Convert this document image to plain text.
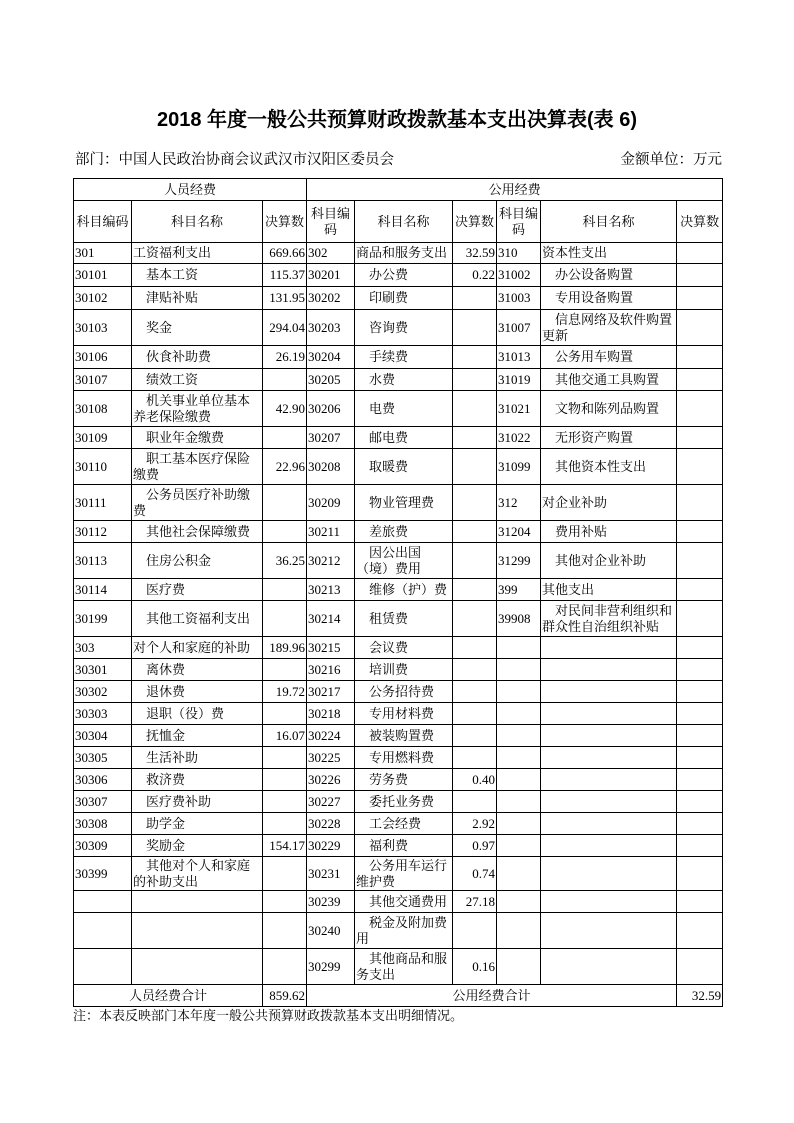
2018 年度一般公共预算财政拨款基本支出决算表(表 6)
部门：中国人民政治协商会议武汉市汉阳区委员会	金额单位：万元
人员经费			公用经费					
科目编码	科目名称	决算数	科目编码	科目名称	决算数	科目编码	科目名称	决算数
301	工资福利支出	669.66	302	商品和服务支出	32.59	310	资本性支出	
30101	基本工资	115.37	30201	办公费	0.22	31002	办公设备购置	
30102	津贴补贴	131.95	30202	印刷费		31003	专用设备购置	
30103	奖金	294.04	30203	咨询费		31007	信息网络及软件购置更新	
30106	伙食补助费	26.19	30204	手续费		31013	公务用车购置	
30107	绩效工资		30205	水费		31019	其他交通工具购置	
30108	机关事业单位基本养老保险缴费	42.90	30206	电费		31021	文物和陈列品购置	
30109	职业年金缴费		30207	邮电费		31022	无形资产购置	
30110	职工基本医疗保险缴费	22.96	30208	取暖费		31099	其他资本性支出	
30111	公务员医疗补助缴费		30209	物业管理费		312	对企业补助	
30112	其他社会保障缴费		30211	差旅费		31204	费用补贴	
30113	住房公积金	36.25	30212	因公出国（境）费用		31299	其他对企业补助	
30114	医疗费		30213	维修（护）费		399	其他支出	
30199	其他工资福利支出		30214	租赁费		39908	对民间非营利组织和群众性自治组织补贴	
303	对个人和家庭的补助	189.96	30215	会议费				
30301	离休费		30216	培训费				
30302	退休费	19.72	30217	公务招待费				
30303	退职（役）费		30218	专用材料费				
30304	抚恤金	16.07	30224	被装购置费				
30305	生活补助		30225	专用燃料费				
30306	救济费		30226	劳务费	0.40			
30307	医疗费补助		30227	委托业务费				
30308	助学金		30228	工会经费	2.92			
30309	奖励金	154.17	30229	福利费	0.97			
30399	其他对个人和家庭的补助支出		30231	公务用车运行维护费	0.74			
			30239	其他交通费用	27.18			
			30240	税金及附加费用				
			30299	其他商品和服务支出	0.16			
人员经费合计		859.62	公用经费合计					32.59
注：本表反映部门本年度一般公共预算财政拨款基本支出明细情况。
